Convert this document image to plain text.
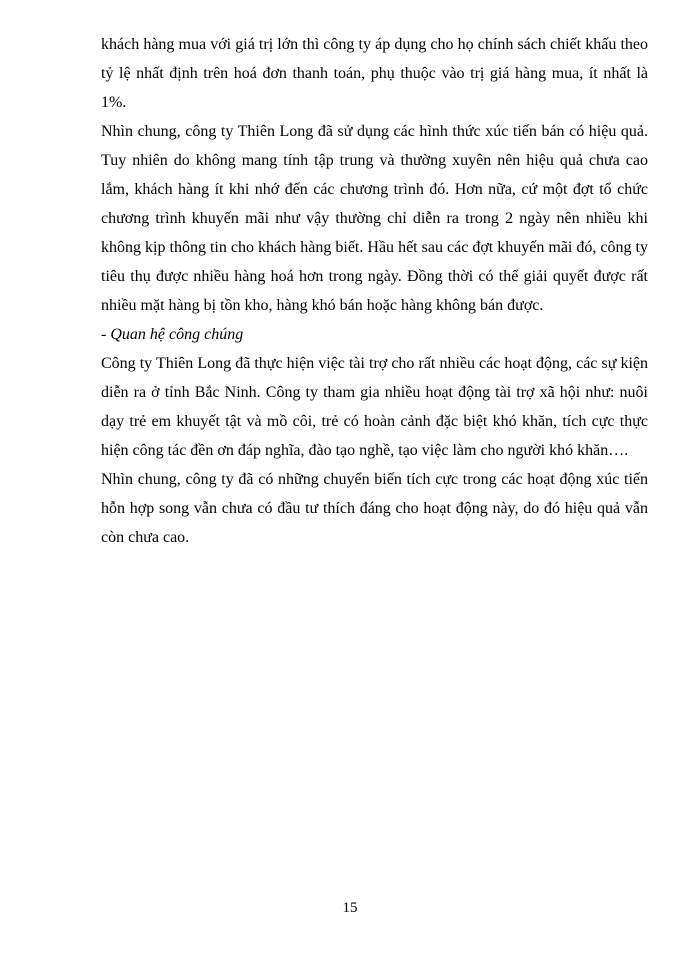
khách hàng mua với giá trị lớn thì công ty áp dụng cho họ chính sách chiết khấu theo tỷ lệ nhất định trên hoá đơn thanh toán, phụ thuộc vào trị giá hàng mua, ít nhất là 1%.

Nhìn chung, công ty Thiên Long đã sử dụng các hình thức xúc tiến bán có hiệu quả. Tuy nhiên do không mang tính tập trung và thường xuyên nên hiệu quả chưa cao lắm, khách hàng ít khi nhớ đến các chương trình đó. Hơn nữa, cứ một đợt tổ chức chương trình khuyến mãi như vậy thường chỉ diễn ra trong 2 ngày nên nhiều khi không kịp thông tin cho khách hàng biết. Hầu hết sau các đợt khuyến mãi đó, công ty tiêu thụ được nhiều hàng hoá hơn trong ngày. Đồng thời có thể giải quyết được rất nhiều mặt hàng bị tồn kho, hàng khó bán hoặc hàng không bán được.

- Quan hệ công chúng

Công ty Thiên Long đã thực hiện việc tài trợ cho rất nhiều các hoạt động, các sự kiện diễn ra ở tỉnh Bắc Ninh. Công ty tham gia nhiều hoạt động tài trợ xã hội như: nuôi dạy trẻ em khuyết tật và mồ côi, trẻ có hoàn cảnh đặc biệt khó khăn, tích cực thực hiện công tác đền ơn đáp nghĩa, đào tạo nghề, tạo việc làm cho người khó khăn….

Nhìn chung, công ty đã có những chuyển biến tích cực trong các hoạt động xúc tiến hỗn hợp song vẫn chưa có đầu tư thích đáng cho hoạt động này, do đó hiệu quả vẫn còn chưa cao.

15
